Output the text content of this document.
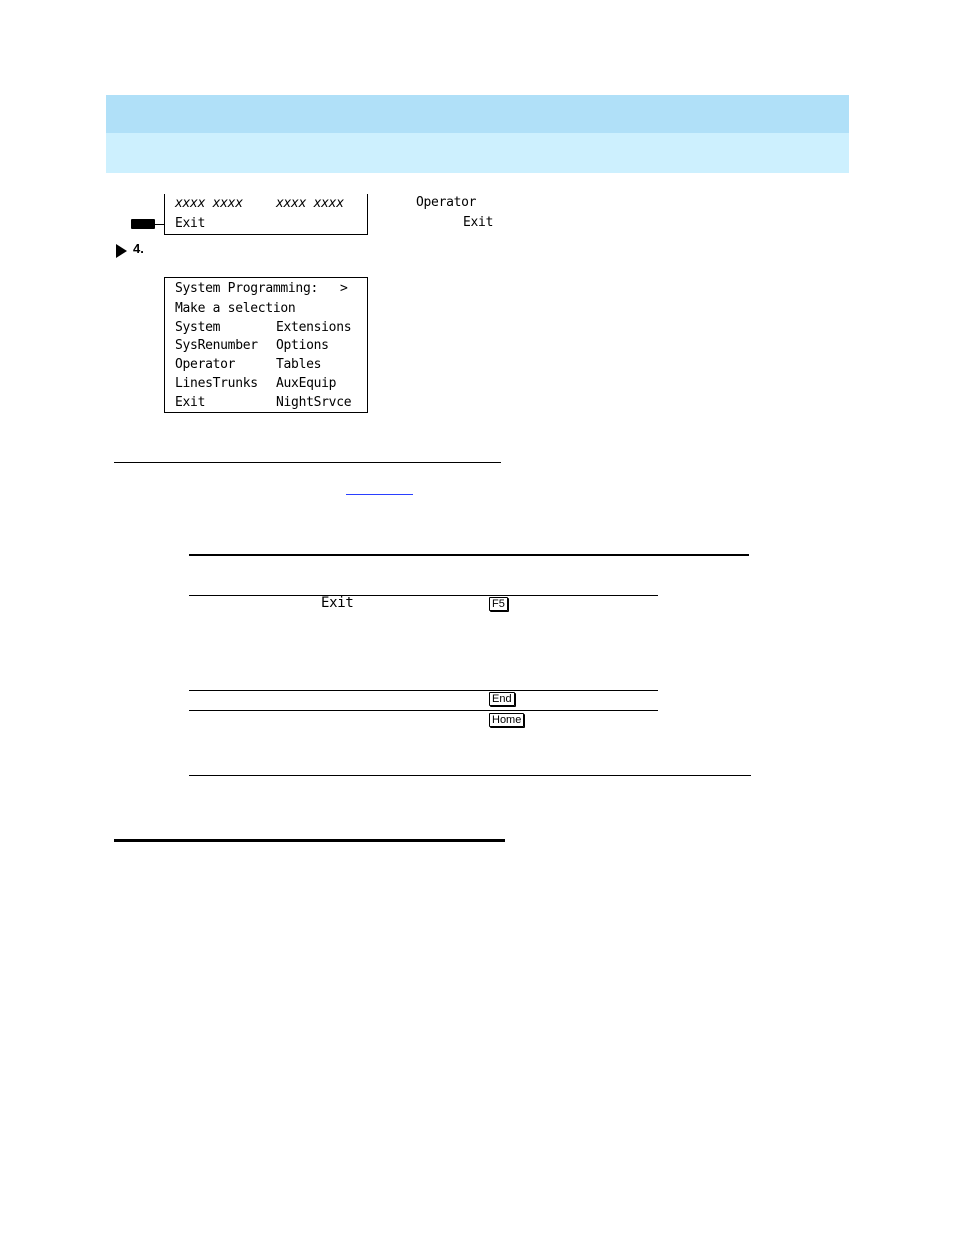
xxxx xxxx	xxxx xxxx
Exit
Operator
Exit
4.
System Programming: >
Make a selection
System	Extensions
SysRenumber Options
Operator	Tables
LinesTrunks AuxEquip
Exit	NightSrvce
Exit	F5
End
Home
